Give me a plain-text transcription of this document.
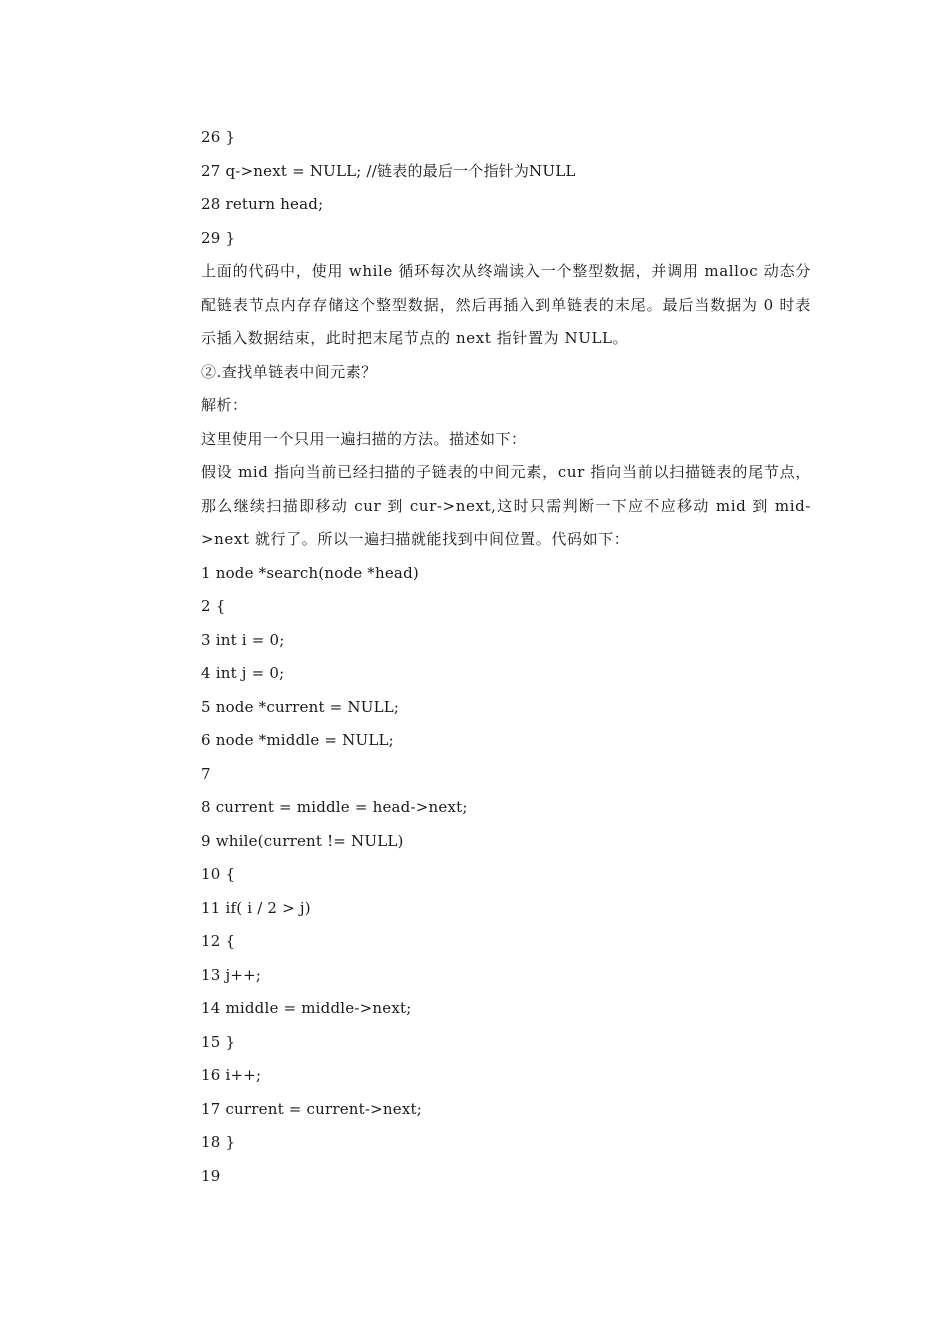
26 }
27 q->next = NULL; //链表的最后一个指针为NULL
28 return head;
29 }
上面的代码中，使用 while 循环每次从终端读入一个整型数据，并调用 malloc 动态分配链表节点内存存储这个整型数据，然后再插入到单链表的末尾。最后当数据为 0 时表示插入数据结束，此时把末尾节点的 next 指针置为 NULL。
②.查找单链表中间元素？
解析：
这里使用一个只用一遍扫描的方法。描述如下：
假设 mid 指向当前已经扫描的子链表的中间元素，cur 指向当前以扫描链表的尾节点，那么继续扫描即移动 cur 到 cur->next,这时只需判断一下应不应移动 mid 到 mid->next 就行了。所以一遍扫描就能找到中间位置。代码如下：
1 node *search(node *head)
2 {
3 int i = 0;
4 int j = 0;
5 node *current = NULL;
6 node *middle = NULL;
7
8 current = middle = head->next;
9 while(current != NULL)
10 {
11 if( i / 2 > j)
12 {
13 j++;
14 middle = middle->next;
15 }
16 i++;
17 current = current->next;
18 }
19
